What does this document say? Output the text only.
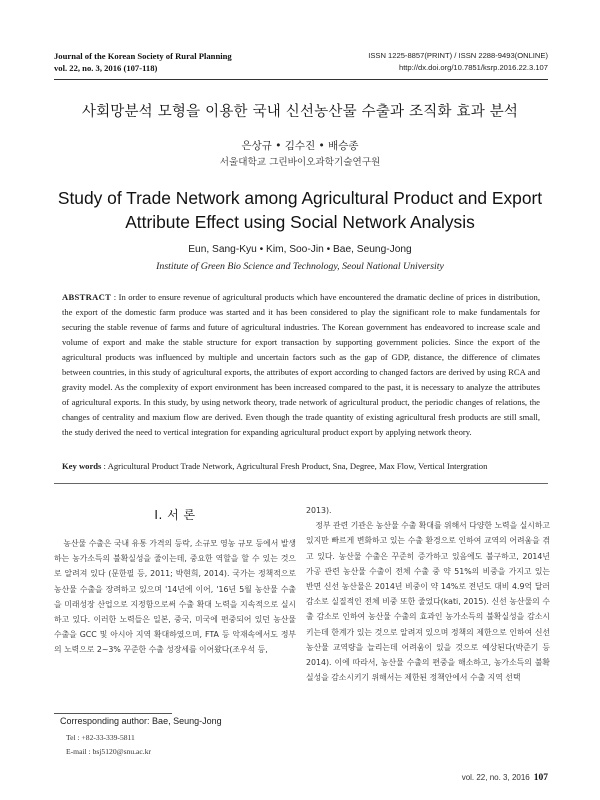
Journal of the Korean Society of Rural Planning
vol. 22, no. 3, 2016 (107-118)
ISSN 1225-8857(PRINT) / ISSN 2288-9493(ONLINE)
http://dx.doi.org/10.7851/ksrp.2016.22.3.107
사회망분석 모형을 이용한 국내 신선농산물 수출과 조직화 효과 분석
은상규 • 김수진 • 배승종
서울대학교 그린바이오과학기술연구원
Study of Trade Network among Agricultural Product and Export
Attribute Effect using Social Network Analysis
Eun, Sang-Kyu • Kim, Soo-Jin • Bae, Seung-Jong
Institute of Green Bio Science and Technology, Seoul National University
ABSTRACT : In order to ensure revenue of agricultural products which have encountered the dramatic decline of prices in distribution, the export of the domestic farm produce was started and it has been considered to play the significant role to make fundamentals for securing the stable revenue of farms and future of agricultural industries. The Korean government has endeavored to increase scale and volume of export and make the stable structure for export transaction by supporting government policies. Since the export of the agricultural products was influenced by multiple and uncertain factors such as the gap of GDP, distance, the difference of climates between countries, in this study of agricultural exports, the attributes of export according to changed factors are derived by using RCA and gravity model. As the complexity of export environment has been increased compared to the past, it is necessary to analyze the attributes of agricultural exports. In this study, by using network theory, trade network of agricultural product, the periodic changes of relations, the changes of centrality and maxium flow are derived. Even though the trade quantity of existing agricultural fresh products are still small, the study derived the need to vertical integration for expanding agricultural product export by applying network theory.
Key words : Agricultural Product Trade Network, Agricultural Fresh Product, Sna, Degree, Max Flow, Vertical Intergration
I. 서 론

농산물 수출은 국내 유통 가격의 등락, 소규모 영농 규모 등에서 발생하는 농가소득의 불확실성을 줄이는데, 중요한 역할을 할 수 있는 것으로 알려져 있다 (문한필 등, 2011; 박현희, 2014). 국가는 정책적으로 농산물 수출을 장려하고 있으며 '14년에 이어, '16년 5월 농산물 수출을 미래성장 산업으로 지정함으로써 수출 확대 노력을 지속적으로 실시하고 있다. 이러한 노력들은 일본, 중국, 미국에 편중되어 있던 농산물 수출을 GCC 및 아시아 지역 확대하였으며, FTA 등 악재속에서도 정부의 노력으로 2~3% 꾸준한 수출 성장세를 이어왔다(조우석 등,

2013).

정부 관련 기관은 농산물 수출 확대를 위해서 다양한 노력을 실시하고 있지만 빠르게 변화하고 있는 수출 환경으로 인하여 교역의 어려움을 겪고 있다. 농산물 수출은 꾸준히 증가하고 있음에도 불구하고, 2014년 가공 관련 농산물 수출이 전체 수출 중 약 51%의 비중을 가지고 있는 반면 신선 농산물은 2014년 비중이 약 14%로 전년도 대비 4.9억 달러 감소로 실질적인 전체 비중 또한 줄었다(kati, 2015). 신선 농산물의 수출 감소로 인하여 농산물 수출의 효과인 농가소득의 불확실성을 감소시키는데 한계가 있는 것으로 알려져 있으며 정책의 제한으로 인하여 신선 농산물 교역량을 늘리는데 어려움이 있을 것으로 예상된다(박준기 등 2014). 이에 따라서, 농산물 수출의 편중을 해소하고, 농가소득의 불확실성을 감소시키기 위해서는 제한된 정책안에서 수출 지역 선택

Corresponding author: Bae, Seung-Jong
Tel : +82-33-339-5811
E-mail : bsj5120@snu.ac.kr
vol. 22, no. 3, 2016 107
